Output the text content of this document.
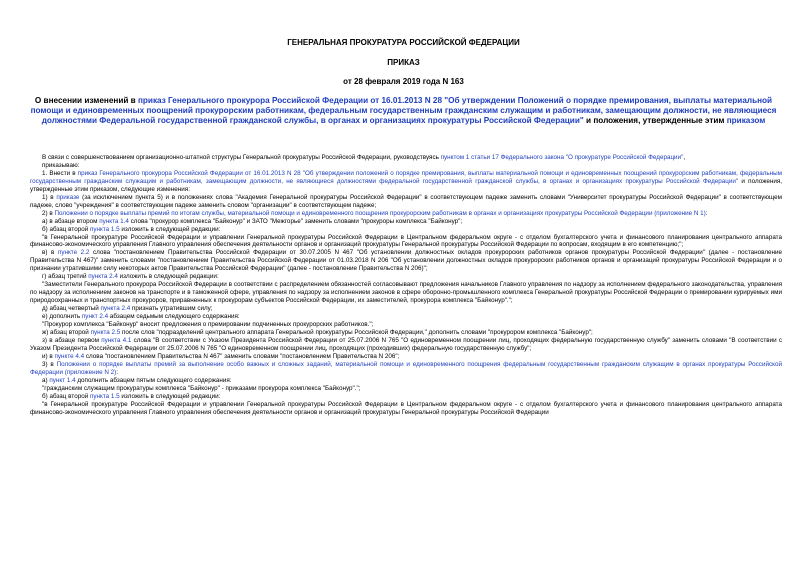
ГЕНЕРАЛЬНАЯ ПРОКУРАТУРА РОССИЙСКОЙ ФЕДЕРАЦИИ
ПРИКАЗ
от 28 февраля 2019 года N 163
О внесении изменений в приказ Генерального прокурора Российской Федерации от 16.01.2013 N 28 "Об утверждении Положений о порядке премирования, выплаты материальной помощи и единовременных поощрений прокурорским работникам, федеральным государственным гражданским служащим и работникам, замещающим должности, не являющиеся должностями Федеральной государственной гражданской службы, в органах и организациях прокуратуры Российской Федерации" и положения, утвержденные этим приказом

В связи с совершенствованием организационно-штатной структуры Генеральной прокуратуры Российской Федерации, руководствуясь пунктом 1 статьи 17 Федерального закона "О прокуратуре Российской Федерации",

приказываю:

1. Внести в приказ Генерального прокурора Российской Федерации от 16.01.2013 N 28 "Об утверждении положений о порядке премирования, выплаты материальной помощи и единовременных поощрений прокурорским работникам, федеральным государственным гражданским служащим и работникам, замещающим должности, не являющиеся должностями федеральной государственной гражданской службы, в органах и организациях прокуратуры Российской Федерации" и положения, утвержденные этим приказом, следующие изменения:

1) в приказе (за исключением пункта 5) и в положениях слова "Академия Генеральной прокуратуры Российской Федерации" в соответствующем падеже заменить словами "Университет прокуратуры Российской Федерации" в соответствующем падеже, слово "учреждения" в соответствующем падеже заменить словом "организации" в соответствующем падеже;

2) в Положении о порядке выплаты премий по итогам службы, материальной помощи и единовременного поощрения прокурорским работникам в органах и организациях прокуратуры Российской Федерации (приложение N 1):

а) в абзаце втором пункта 1.4 слова "прокурор комплекса "Байконур" и ЗАТО "Межгорье" заменить словами "прокуроры комплекса "Байконур";

б) абзац второй пункта 1.5 изложить в следующей редакции:

"в Генеральной прокуратуре Российской Федерации и управлении Генеральной прокуратуры Российской Федерации в Центральном федеральном округе - с отделом бухгалтерского учета и финансового планирования центрального аппарата финансово-экономического управления Главного управления обеспечения деятельности органов и организаций прокуратуры Генеральной прокуратуры Российской Федерации по вопросам, входящим в его компетенцию;";

в) в пункте 2.2 слова "постановлением Правительства Российской Федерации от 30.07.2005 N 467 "Об установлении должностных окладов прокурорских работников органов прокуратуры Российской Федерации" (далее - постановление Правительства N 467)" заменить словами "постановлением Правительства Российской Федерации от 01.03.2018 N 206 "Об установлении должностных окладов прокурорских работников органов и организаций прокуратуры Российской Федерации и о признании утратившими силу некоторых актов Правительства Российской Федерации" (далее - постановление Правительства N 206)";

г) абзац третий пункта 2.4 изложить в следующей редакции:

"Заместители Генерального прокурора Российской Федерации в соответствии с распределением обязанностей согласовывают предложения начальников Главного управления по надзору за исполнением федерального законодательства, управления по надзору за исполнением законов на транспорте и в таможенной сфере, управления по надзору за исполнением законов в сфере оборонно-промышленного комплекса Генеральной прокуратуры Российской Федерации о премировании курируемых ими природоохранных и транспортных прокуроров, приравненных к прокурорам субъектов Российской Федерации, их заместителей, прокурора комплекса "Байконур".";

д) абзац четвертый пункта 2.4 признать утратившим силу;

е) дополнить пункт 2.4 абзацем седьмым следующего содержания:

"Прокурор комплекса "Байконур" вносит предложения о премировании подчиненных прокурорских работников.";

ж) абзац второй пункта 2.5 после слов "подразделений центрального аппарата Генеральной прокуратуры Российской Федерации," дополнить словами "прокурором комплекса "Байконур";

з) в абзаце первом пункта 4.1 слова "В соответствии с Указом Президента Российской Федерации от 25.07.2006 N 765 "О единовременном поощрении лиц, проходящих федеральную государственную службу" заменить словами "В соответствии с Указом Президента Российской Федерации от 25.07.2006 N 765 "О единовременном поощрении лиц, проходящих (проходивших) федеральную государственную службу";

и) в пункте 4.4 слова "постановлением Правительства N 467" заменить словами "постановлением Правительства N 206";

3) в Положении о порядке выплаты премий за выполнение особо важных и сложных заданий, материальной помощи и единовременного поощрения федеральным государственным гражданским служащим в органах прокуратуры Российской Федерации (приложение N 2):

а) пункт 1.4 дополнить абзацем пятым следующего содержания:

"гражданским служащим прокуратуры комплекса "Байконур" - приказами прокурора комплекса "Байконур".";

б) абзац второй пункта 1.5 изложить в следующей редакции:

"в Генеральной прокуратуре Российской Федерации и управлении Генеральной прокуратуры Российской Федерации в Центральном федеральном округе - с отделом бухгалтерского учета и финансового планирования центрального аппарата финансово-экономического управления Главного управления обеспечения деятельности органов и организаций прокуратуры Генеральной прокуратуры Российской Федерации
